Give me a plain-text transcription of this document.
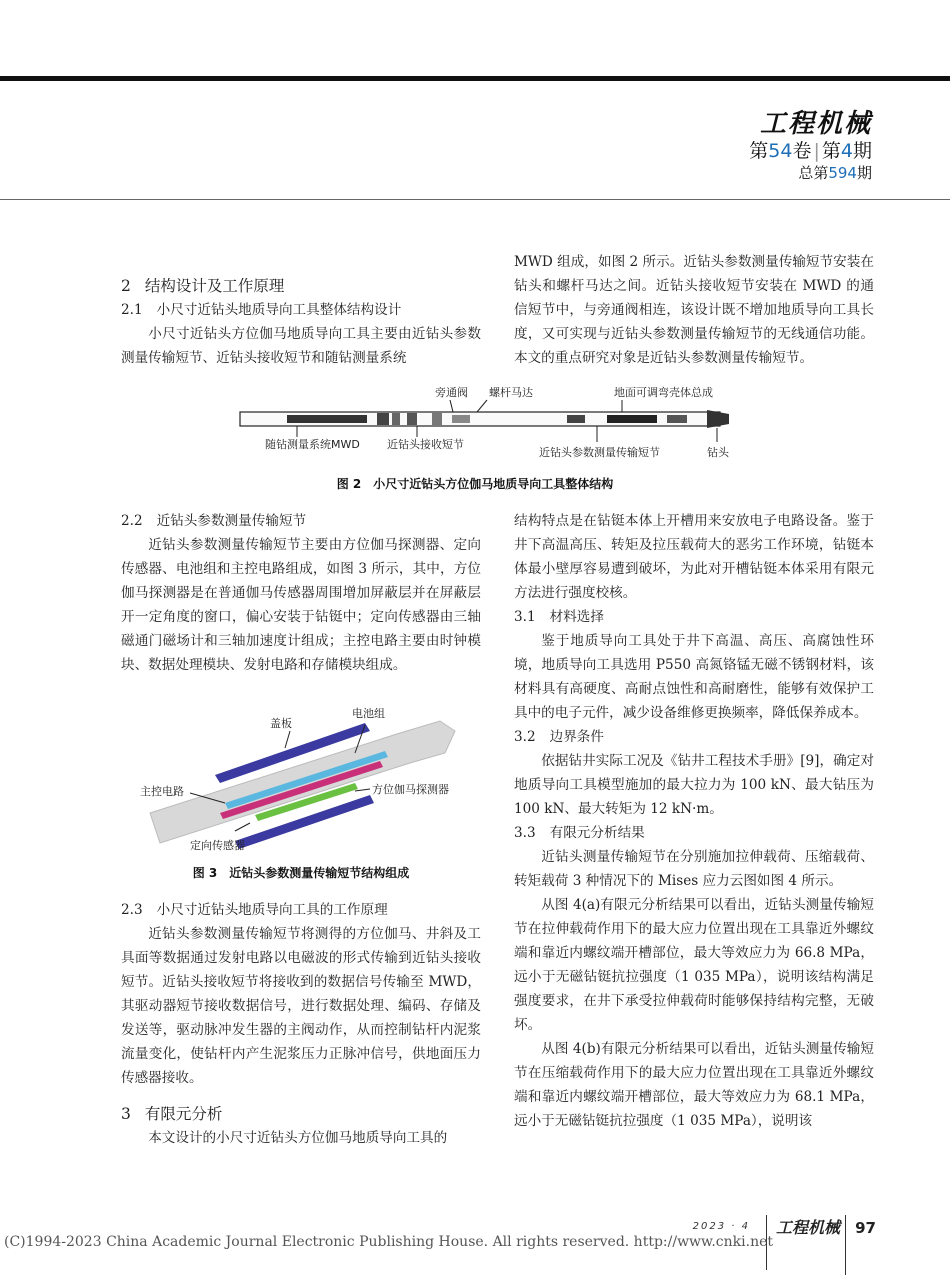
工程机械
第54卷 | 第4期
总第594期
2 结构设计及工作原理
2.1 小尺寸近钻头地质导向工具整体结构设计

小尺寸近钻头方位伽马地质导向工具主要由近钻头参数测量传输短节、近钻头接收短节和随钻测量系统

MWD 组成，如图 2 所示。近钻头参数测量传输短节安装在钻头和螺杆马达之间。近钻头接收短节安装在 MWD 的通信短节中，与旁通阀相连，该设计既不增加地质导向工具长度，又可实现与近钻头参数测量传输短节的无线通信功能。本文的重点研究对象是近钻头参数测量传输短节。

旁通阀 螺杆马达	地面可调弯壳体总成
随钻测量系统MWD 近钻头接收短节
近钻头参数测量传输短节	钻头
图 2　小尺寸近钻头方位伽马地质导向工具整体结构
2.2 近钻头参数测量传输短节

近钻头参数测量传输短节主要由方位伽马探测器、定向传感器、电池组和主控电路组成，如图 3 所示，其中，方位伽马探测器是在普通伽马传感器周围增加屏蔽层并在屏蔽层开一定角度的窗口，偏心安装于钻铤中；定向传感器由三轴磁通门磁场计和三轴加速度计组成；主控电路主要由时钟模块、数据处理模块、发射电路和存储模块组成。

盖板
电池组
主控电路	方位伽马探测器
定向传感器
图 3　近钻头参数测量传输短节结构组成
2.3 小尺寸近钻头地质导向工具的工作原理

近钻头参数测量传输短节将测得的方位伽马、井斜及工具面等数据通过发射电路以电磁波的形式传输到近钻头接收短节。近钻头接收短节将接收到的数据信号传输至 MWD，其驱动器短节接收数据信号，进行数据处理、编码、存储及发送等，驱动脉冲发生器的主阀动作，从而控制钻杆内泥浆流量变化，使钻杆内产生泥浆压力正脉冲信号，供地面压力传感器接收。

3 有限元分析

本文设计的小尺寸近钻头方位伽马地质导向工具的

结构特点是在钻铤本体上开槽用来安放电子电路设备。鉴于井下高温高压、转矩及拉压载荷大的恶劣工作环境，钻铤本体最小壁厚容易遭到破坏，为此对开槽钻铤本体采用有限元方法进行强度校核。

3.1 材料选择

鉴于地质导向工具处于井下高温、高压、高腐蚀性环境，地质导向工具选用 P550 高氮铬锰无磁不锈钢材料，该材料具有高硬度、高耐点蚀性和高耐磨性，能够有效保护工具中的电子元件，减少设备维修更换频率，降低保养成本。

3.2 边界条件

依据钻井实际工况及《钻井工程技术手册》[9]，确定对地质导向工具模型施加的最大拉力为 100 kN、最大钻压为 100 kN、最大转矩为 12 kN·m。

3.3 有限元分析结果

近钻头测量传输短节在分别施加拉伸载荷、压缩载荷、转矩载荷 3 种情况下的 Mises 应力云图如图 4 所示。

从图 4(a)有限元分析结果可以看出，近钻头测量传输短节在拉伸载荷作用下的最大应力位置出现在工具靠近外螺纹端和靠近内螺纹端开槽部位，最大等效应力为 66.8 MPa，远小于无磁钻铤抗拉强度（1 035 MPa），说明该结构满足强度要求，在井下承受拉伸载荷时能够保持结构完整，无破坏。

从图 4(b)有限元分析结果可以看出，近钻头测量传输短节在压缩载荷作用下的最大应力位置出现在工具靠近外螺纹端和靠近内螺纹端开槽部位，最大等效应力为 68.1 MPa，远小于无磁钻铤抗拉强度（1 035 MPa），说明该

2023 · 4 工程机械 97
(C)1994-2023 China Academic Journal Electronic Publishing House. All rights reserved. http://www.cnki.net
